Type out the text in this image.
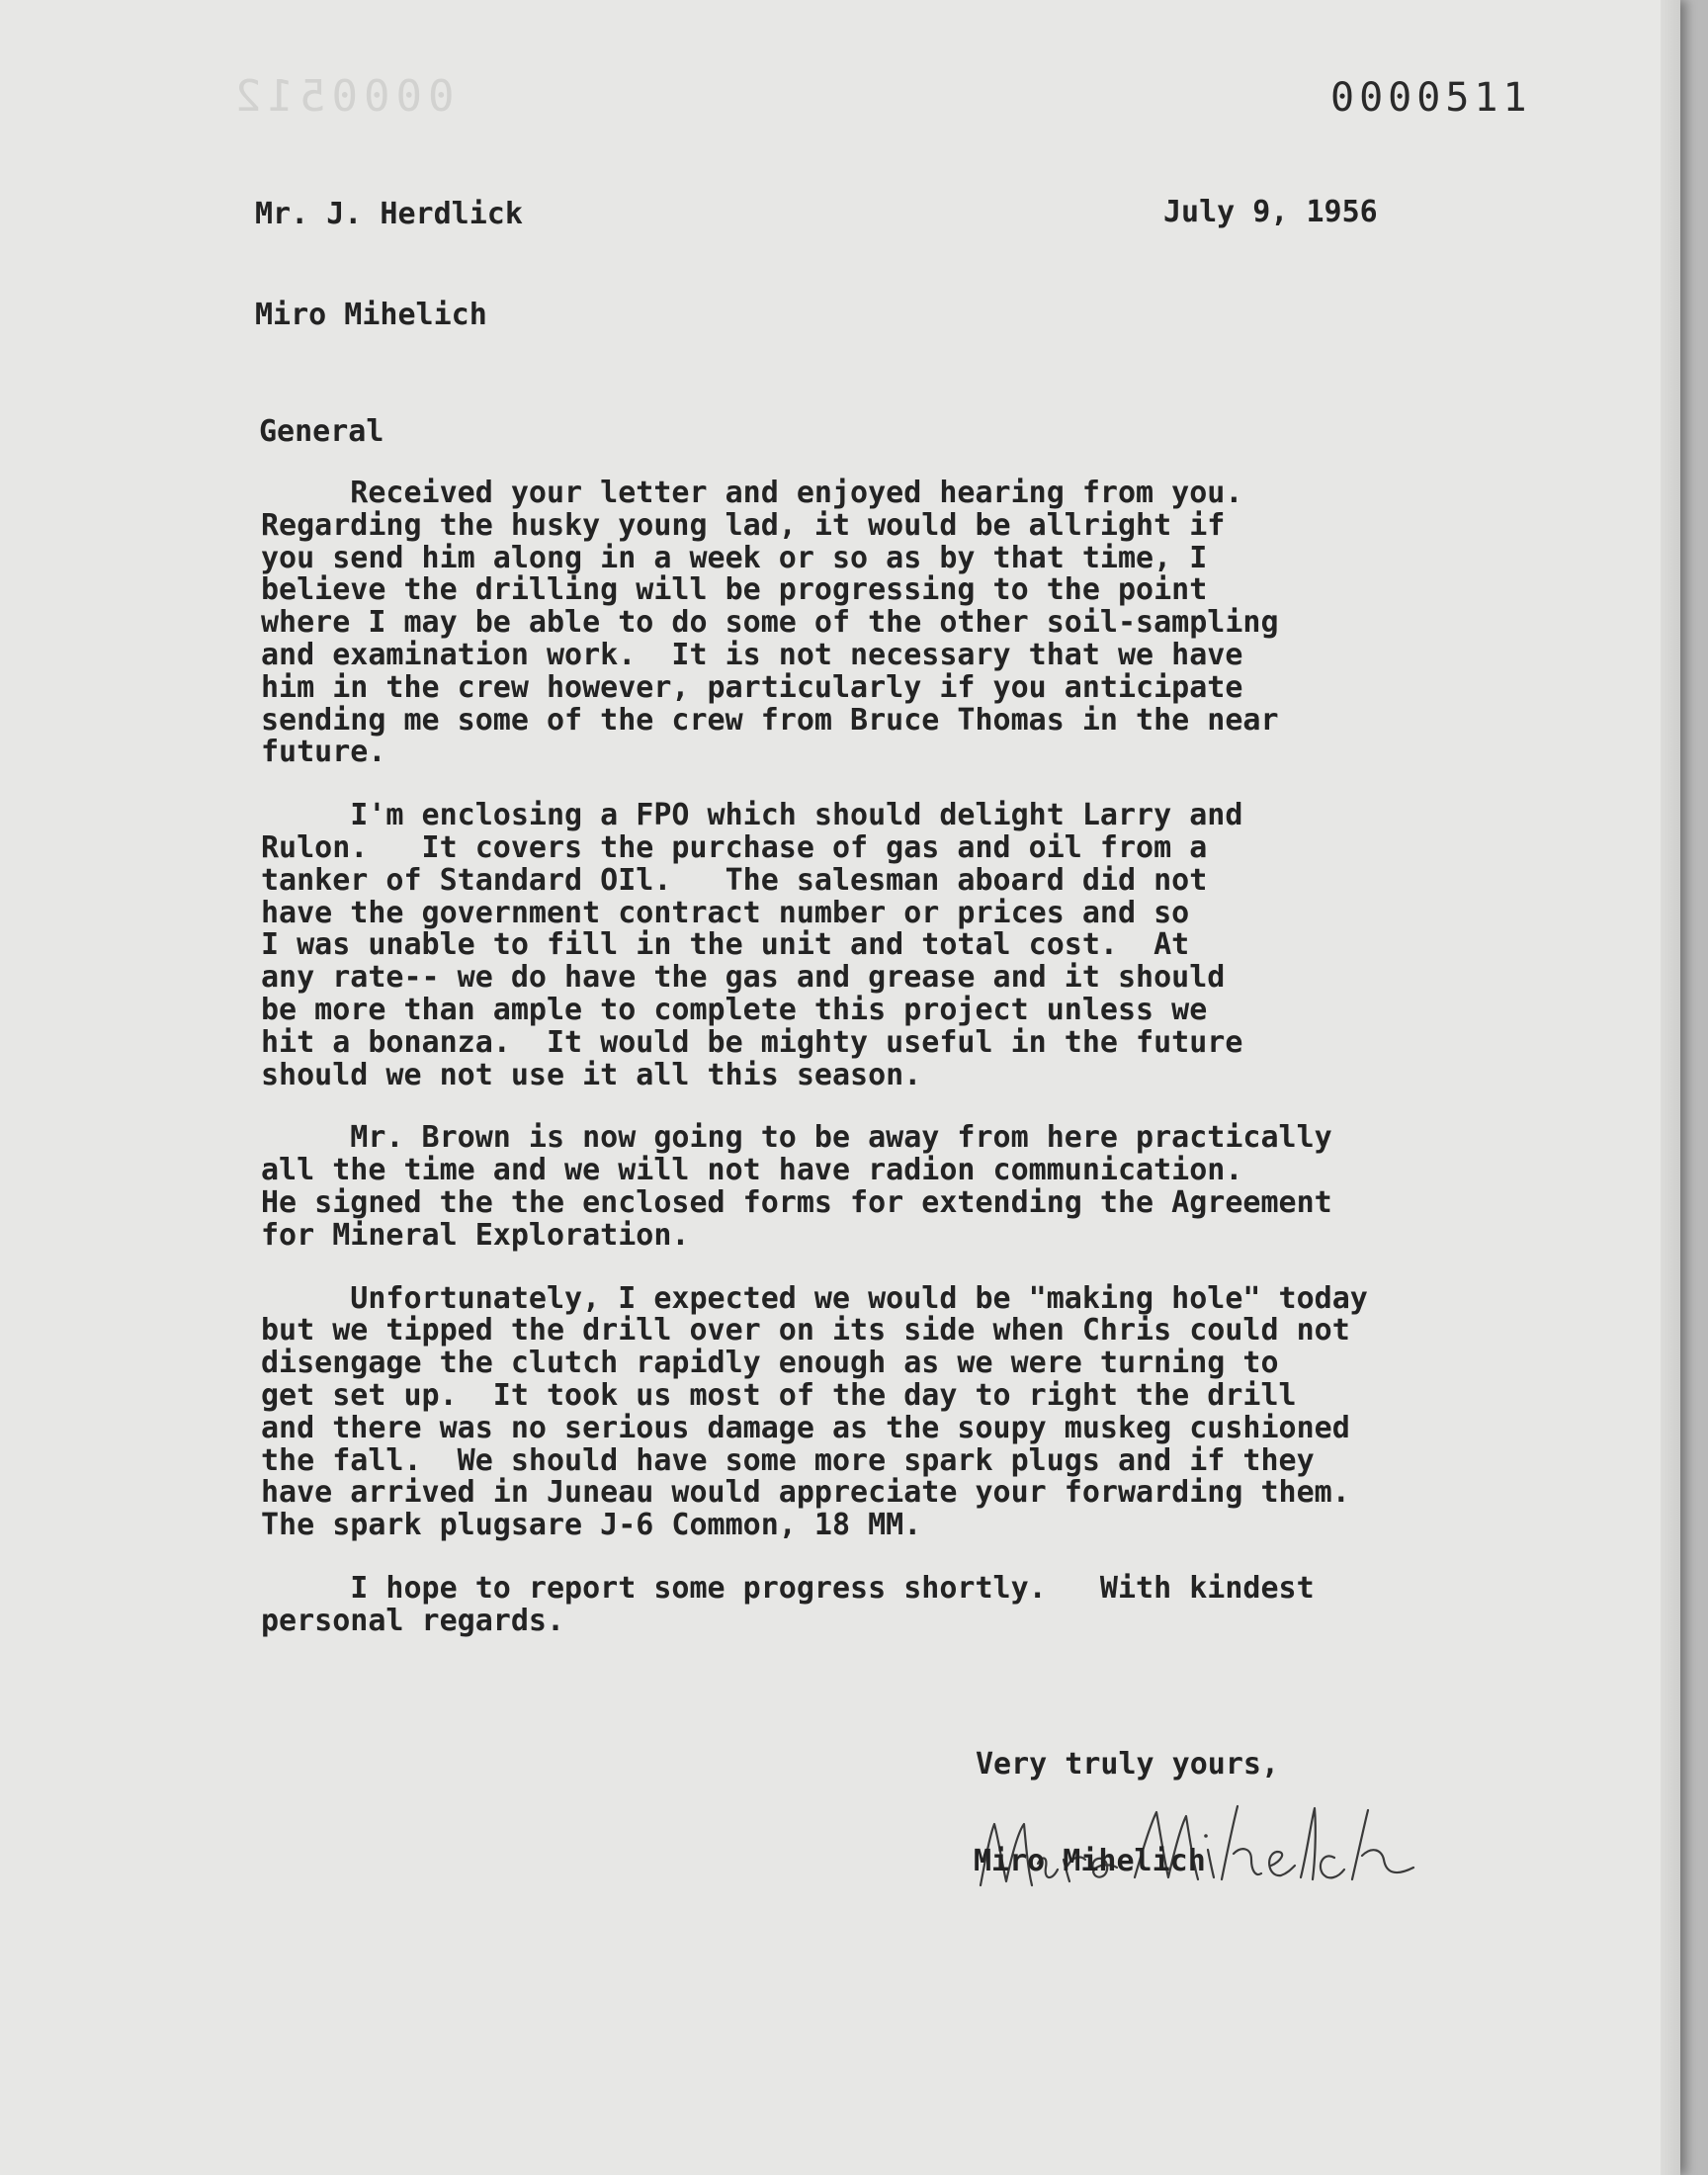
0000512	0000511
Mr. J. Herdlick	July 9, 1956
Miro Mihelich
General
Received your letter and enjoyed hearing from you.
Regarding the husky young lad, it would be allright if
you send him along in a week or so as by that time, I
believe the drilling will be progressing to the point
where I may be able to do some of the other soil-sampling
and examination work.  It is not necessary that we have
him in the crew however, particularly if you anticipate
sending me some of the crew from Bruce Thomas in the near
future.
I'm enclosing a FPO which should delight Larry and
Rulon.   It covers the purchase of gas and oil from a
tanker of Standard OIl.   The salesman aboard did not
have the government contract number or prices and so
I was unable to fill in the unit and total cost.  At
any rate-- we do have the gas and grease and it should
be more than ample to complete this project unless we
hit a bonanza.  It would be mighty useful in the future
should we not use it all this season.
Mr. Brown is now going to be away from here practically
all the time and we will not have radion communication.
He signed the the enclosed forms for extending the Agreement
for Mineral Exploration.
Unfortunately, I expected we would be "making hole" today
but we tipped the drill over on its side when Chris could not
disengage the clutch rapidly enough as we were turning to
get set up.  It took us most of the day to right the drill
and there was no serious damage as the soupy muskeg cushioned
the fall.  We should have some more spark plugs and if they
have arrived in Juneau would appreciate your forwarding them.
The spark plugsare J-6 Common, 18 MM.
I hope to report some progress shortly.   With kindest
personal regards.
Very truly yours,
Miro Mihelich
